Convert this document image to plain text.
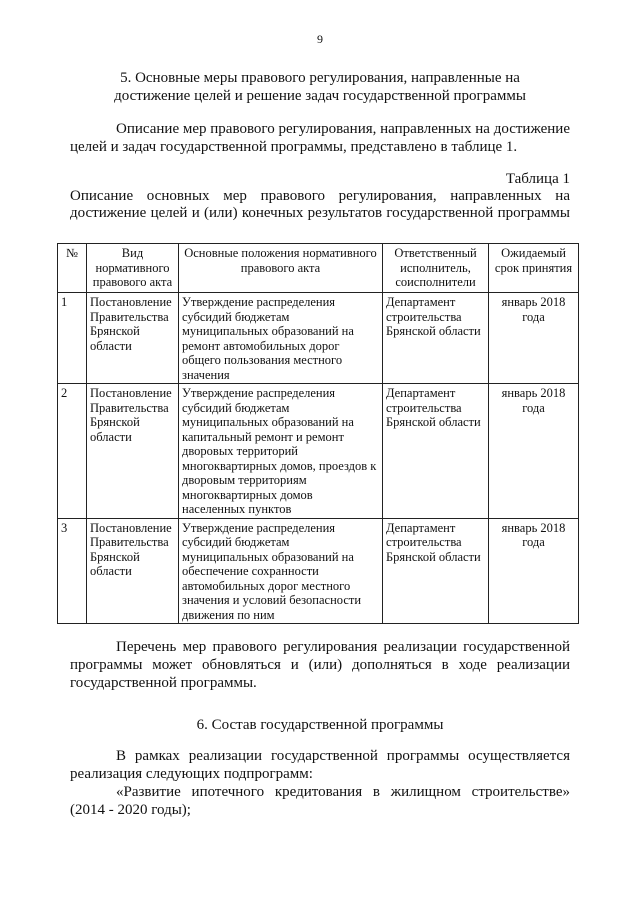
9
5. Основные меры правового регулирования, направленные на
достижение целей и решение задач государственной программы
Описание мер правового регулирования, направленных на достижение
целей и задач государственной программы, представлено в таблице 1.
Таблица 1
Описание основных мер правового регулирования, направленных на
достижение целей и (или) конечных результатов государственной программы
№	Вид нормативного правового акта	Основные положения нормативного правового акта	Ответственный исполнитель, соисполнители	Ожидаемый срок принятия
1	Постановление Правительства Брянской области	Утверждение распределения субсидий бюджетам муниципальных образований на ремонт автомобильных дорог общего пользования местного значения	Департамент строительства Брянской области	январь 2018 года
2	Постановление Правительства Брянской области	Утверждение распределения субсидий бюджетам муниципальных образований на капитальный ремонт и ремонт дворовых территорий многоквартирных домов, проездов к дворовым территориям многоквартирных домов населенных пунктов	Департамент строительства Брянской области	январь 2018 года
3	Постановление Правительства Брянской области	Утверждение распределения субсидий бюджетам муниципальных образований на обеспечение сохранности автомобильных дорог местного значения и условий безопасности движения по ним	Департамент строительства Брянской области	январь 2018 года
Перечень мер правового регулирования реализации государственной
программы может обновляться и (или) дополняться в ходе реализации
государственной программы.
6. Состав государственной программы
В рамках реализации государственной программы осуществляется
реализация следующих подпрограмм:
«Развитие ипотечного кредитования в жилищном строительстве»
(2014 - 2020 годы);
